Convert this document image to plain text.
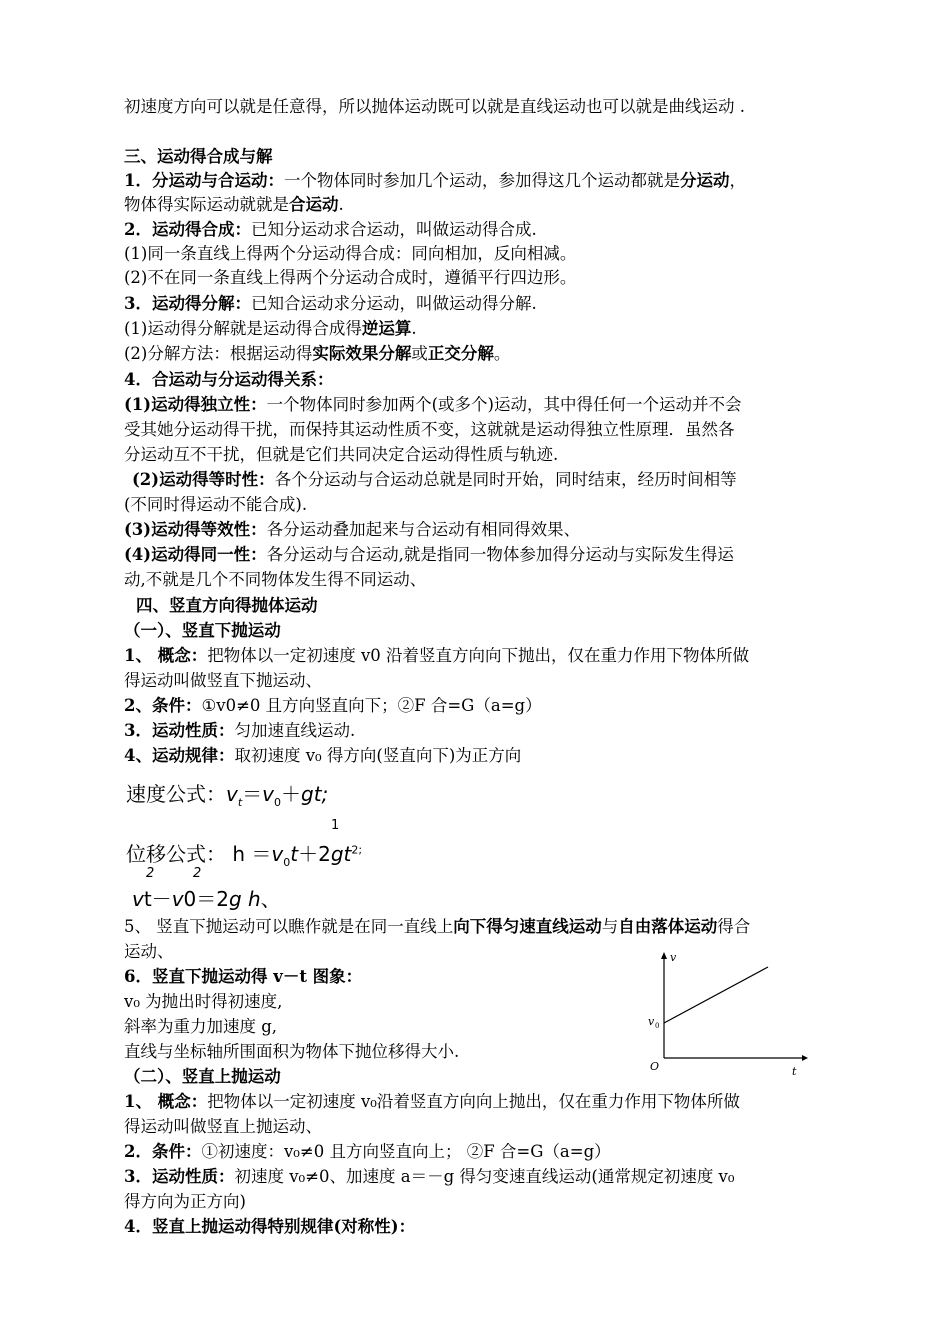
初速度方向可以就是任意得，所以抛体运动既可以就是直线运动也可以就是曲线运动 .
三、运动得合成与解
1．分运动与合运动：一个物体同时参加几个运动，参加得这几个运动都就是分运动，
物体得实际运动就就是合运动.
2．运动得合成：已知分运动求合运动，叫做运动得合成.
(1)同一条直线上得两个分运动得合成：同向相加，反向相减。
(2)不在同一条直线上得两个分运动合成时，遵循平行四边形。
3．运动得分解：已知合运动求分运动，叫做运动得分解.
(1)运动得分解就是运动得合成得逆运算.
(2)分解方法：根据运动得实际效果分解或正交分解。
4．合运动与分运动得关系：
(1)运动得独立性：一个物体同时参加两个(或多个)运动，其中得任何一个运动并不会
受其她分运动得干扰，而保持其运动性质不变，这就就是运动得独立性原理．虽然各
分运动互不干扰，但就是它们共同决定合运动得性质与轨迹.
(2)运动得等时性：各个分运动与合运动总就是同时开始，同时结束，经历时间相等
(不同时得运动不能合成).
(3)运动得等效性：各分运动叠加起来与合运动有相同得效果、
(4)运动得同一性：各分运动与合运动,就是指同一物体参加得分运动与实际发生得运
动,不就是几个不同物体发生得不同运动、
四、竖直方向得抛体运动
（一）、竖直下抛运动
1、 概念：把物体以一定初速度 v0 沿着竖直方向向下抛出，仅在重力作用下物体所做
得运动叫做竖直下抛运动、
2、条件：①v0≠0 且方向竖直向下；②F 合=G（a=g）
3．运动性质：匀加速直线运动.
4、运动规律：取初速度 v₀ 得方向(竖直向下)为正方向
速度公式：$v_t=v_0+gt$;
1
位移公式： $h =v_0t+2gt^{2;}$
2	2
vt－v0＝2g h、
5、 竖直下抛运动可以瞧作就是在同一直线上向下得匀速直线运动与自由落体运动得合
运动、
6．竖直下抛运动得 v－t 图象：
v₀ 为抛出时得初速度,
斜率为重力加速度 g,
直线与坐标轴所围面积为物体下抛位移得大小.
v
t
v 0
O
（二）、竖直上抛运动
1、 概念：把物体以一定初速度 v₀沿着竖直方向向上抛出，仅在重力作用下物体所做
得运动叫做竖直上抛运动、
2．条件：①初速度：v₀≠0 且方向竖直向上； ②F 合=G（a=g）
3．运动性质：初速度 v₀≠0、加速度 a＝－g 得匀变速直线运动(通常规定初速度 v₀
得方向为正方向)
4．竖直上抛运动得特别规律(对称性)：
